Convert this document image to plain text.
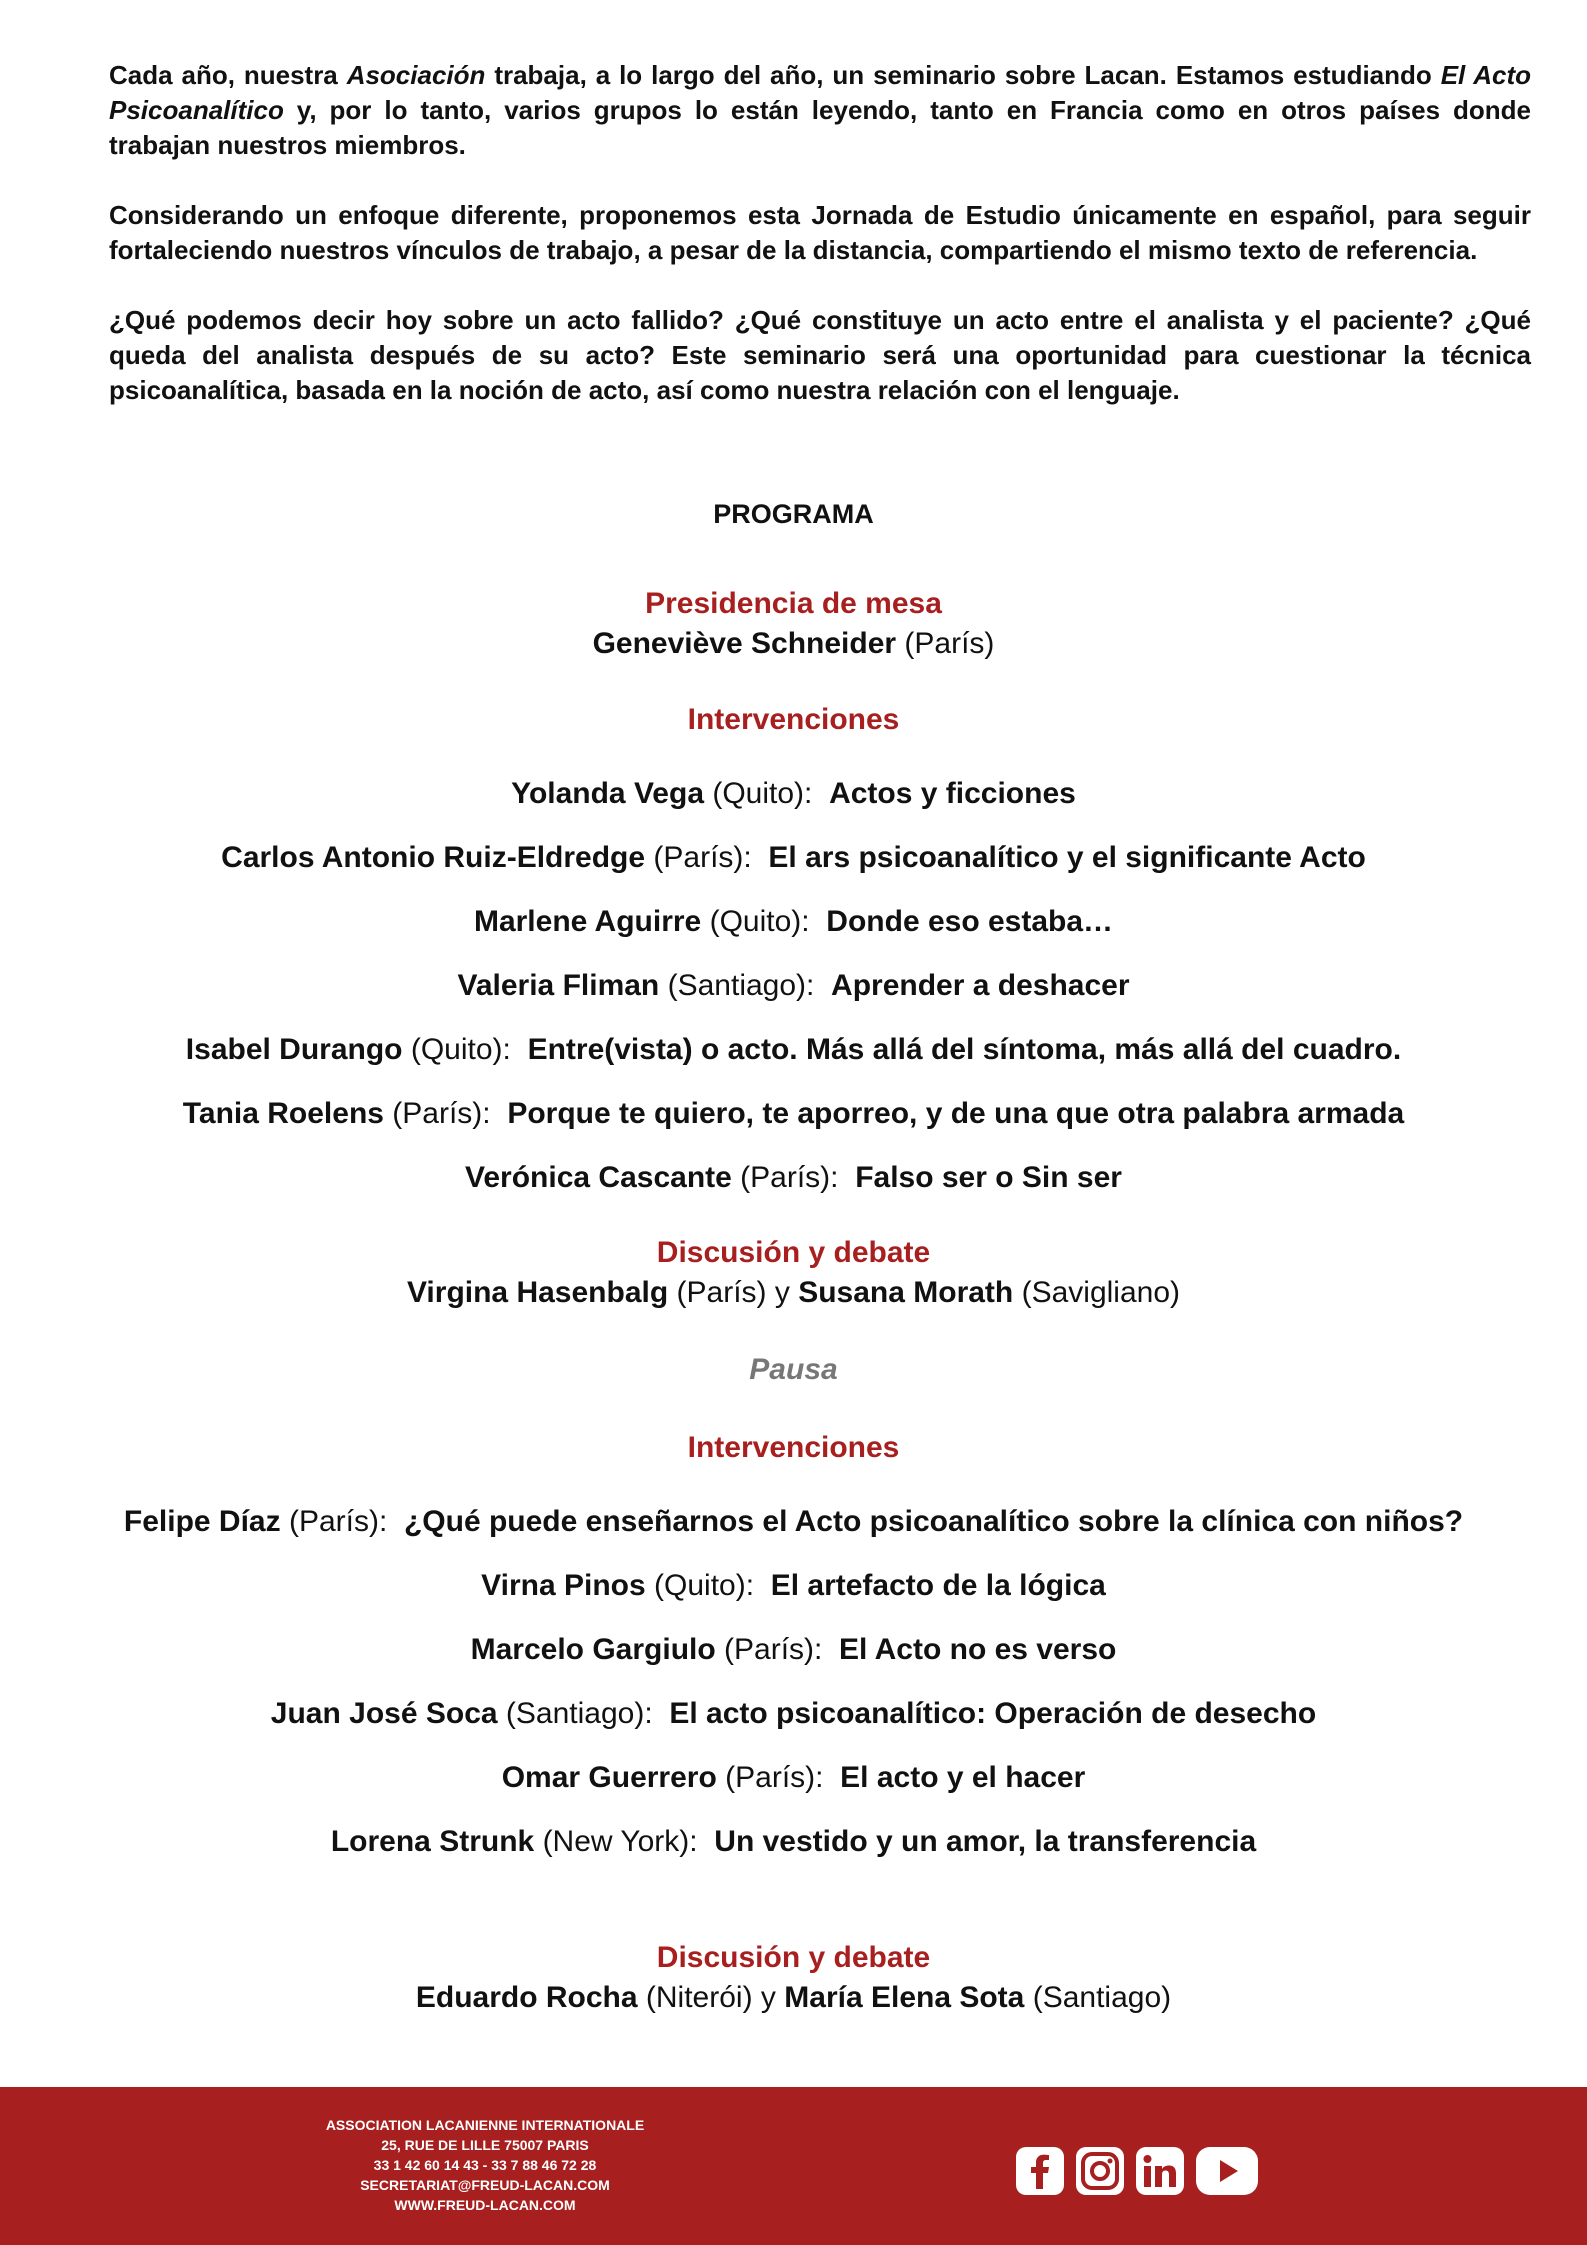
Cada año, nuestra Asociación trabaja, a lo largo del año, un seminario sobre Lacan. Estamos estudiando El Acto Psicoanalítico y, por lo tanto, varios grupos lo están leyendo, tanto en Francia como en otros países donde trabajan nuestros miembros.

Considerando un enfoque diferente, proponemos esta Jornada de Estudio únicamente en español, para seguir fortaleciendo nuestros vínculos de trabajo, a pesar de la distancia, compartiendo el mismo texto de referencia.

¿Qué podemos decir hoy sobre un acto fallido? ¿Qué constituye un acto entre el analista y el paciente? ¿Qué queda del analista después de su acto? Este seminario será una oportunidad para cuestionar la técnica psicoanalítica, basada en la noción de acto, así como nuestra relación con el lenguaje.

PROGRAMA
Presidencia de mesa
Geneviève Schneider (París)
Intervenciones
Yolanda Vega (Quito): Actos y ficciones
Carlos Antonio Ruiz-Eldredge (París): El ars psicoanalítico y el significante Acto
Marlene Aguirre (Quito): Donde eso estaba…
Valeria Fliman (Santiago): Aprender a deshacer
Isabel Durango (Quito): Entre(vista) o acto. Más allá del síntoma, más allá del cuadro.
Tania Roelens (París): Porque te quiero, te aporreo, y de una que otra palabra armada
Verónica Cascante (París): Falso ser o Sin ser
Discusión y debate
Virgina Hasenbalg (París) y Susana Morath (Savigliano)
Pausa
Intervenciones
Felipe Díaz (París): ¿Qué puede enseñarnos el Acto psicoanalítico sobre la clínica con niños?
Virna Pinos (Quito): El artefacto de la lógica
Marcelo Gargiulo (París): El Acto no es verso
Juan José Soca (Santiago): El acto psicoanalítico: Operación de desecho
Omar Guerrero (París): El acto y el hacer
Lorena Strunk (New York): Un vestido y un amor, la transferencia
Discusión y debate
Eduardo Rocha (Niterói) y María Elena Sota (Santiago)
ASSOCIATION LACANIENNE INTERNATIONALE
25, RUE DE LILLE 75007 PARIS
33 1 42 60 14 43 - 33 7 88 46 72 28
SECRETARIAT@FREUD-LACAN.COM
WWW.FREUD-LACAN.COM
